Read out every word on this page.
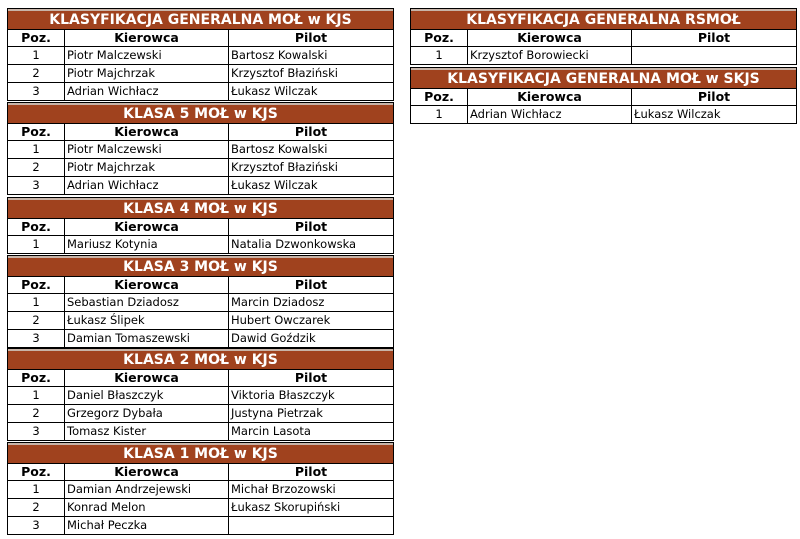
KLASYFIKACJA GENERALNA MOŁ w KJS
Poz.	Kierowca	Pilot
1	Piotr Malczewski	Bartosz Kowalski
2	Piotr Majchrzak	Krzysztof Błaziński
3	Adrian Wichłacz	Łukasz Wilczak
KLASA 5 MOŁ w KJS
Poz.	Kierowca	Pilot
1	Piotr Malczewski	Bartosz Kowalski
2	Piotr Majchrzak	Krzysztof Błaziński
3	Adrian Wichłacz	Łukasz Wilczak
KLASA 4 MOŁ w KJS
Poz.	Kierowca	Pilot
1	Mariusz Kotynia	Natalia Dzwonkowska
KLASA 3 MOŁ w KJS
Poz.	Kierowca	Pilot
1	Sebastian Dziadosz	Marcin Dziadosz
2	Łukasz Ślipek	Hubert Owczarek
3	Damian Tomaszewski	Dawid Goździk
KLASA 2 MOŁ w KJS
Poz.	Kierowca	Pilot
1	Daniel Błaszczyk	Viktoria Błaszczyk
2	Grzegorz Dybała	Justyna Pietrzak
3	Tomasz Kister	Marcin Lasota
KLASA 1 MOŁ w KJS
Poz.	Kierowca	Pilot
1	Damian Andrzejewski	Michał Brzozowski
2	Konrad Melon	Łukasz Skorupiński
3	Michał Peczka
KLASYFIKACJA GENERALNA RSMOŁ
Poz.	Kierowca	Pilot
1	Krzysztof Borowiecki
KLASYFIKACJA GENERALNA MOŁ w SKJS
Poz.	Kierowca	Pilot
1	Adrian Wichłacz	Łukasz Wilczak
